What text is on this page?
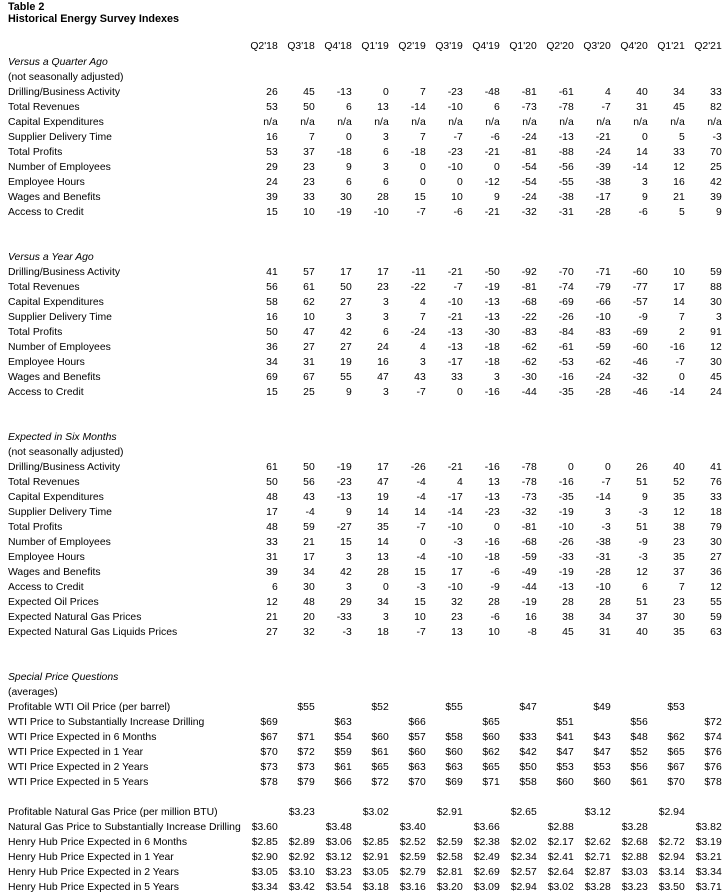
Table 2
Historical Energy Survey Indexes
	Q2'18	Q3'18	Q4'18	Q1'19	Q2'19	Q3'19	Q4'19	Q1'20	Q2'20	Q3'20	Q4'20	Q1'21	Q2'21
Versus a Quarter Ago													
(not seasonally adjusted)													
Drilling/Business Activity	26	45	-13	0	7	-23	-48	-81	-61	4	40	34	33
Total Revenues	53	50	6	13	-14	-10	6	-73	-78	-7	31	45	82
Capital Expenditures	n/a	n/a	n/a	n/a	n/a	n/a	n/a	n/a	n/a	n/a	n/a	n/a	n/a
Supplier Delivery Time	16	7	0	3	7	-7	-6	-24	-13	-21	0	5	-3
Total Profits	53	37	-18	6	-18	-23	-21	-81	-88	-24	14	33	70
Number of Employees	29	23	9	3	0	-10	0	-54	-56	-39	-14	12	25
Employee Hours	24	23	6	6	0	0	-12	-54	-55	-38	3	16	42
Wages and Benefits	39	33	30	28	15	10	9	-24	-38	-17	9	21	39
Access to Credit	15	10	-19	-10	-7	-6	-21	-32	-31	-28	-6	5	9

Versus a Year Ago													
Drilling/Business Activity	41	57	17	17	-11	-21	-50	-92	-70	-71	-60	10	59
Total Revenues	56	61	50	23	-22	-7	-19	-81	-74	-79	-77	17	88
Capital Expenditures	58	62	27	3	4	-10	-13	-68	-69	-66	-57	14	30
Supplier Delivery Time	16	10	3	3	7	-21	-13	-22	-26	-10	-9	7	3
Total Profits	50	47	42	6	-24	-13	-30	-83	-84	-83	-69	2	91
Number of Employees	36	27	27	24	4	-13	-18	-62	-61	-59	-60	-16	12
Employee Hours	34	31	19	16	3	-17	-18	-62	-53	-62	-46	-7	30
Wages and Benefits	69	67	55	47	43	33	3	-30	-16	-24	-32	0	45
Access to Credit	15	25	9	3	-7	0	-16	-44	-35	-28	-46	-14	24

Expected in Six Months													
(not seasonally adjusted)													
Drilling/Business Activity	61	50	-19	17	-26	-21	-16	-78	0	0	26	40	41
Total Revenues	50	56	-23	47	-4	4	13	-78	-16	-7	51	52	76
Capital Expenditures	48	43	-13	19	-4	-17	-13	-73	-35	-14	9	35	33
Supplier Delivery Time	17	-4	9	14	14	-14	-23	-32	-19	3	-3	12	18
Total Profits	48	59	-27	35	-7	-10	0	-81	-10	-3	51	38	79
Number of Employees	33	21	15	14	0	-3	-16	-68	-26	-38	-9	23	30
Employee Hours	31	17	3	13	-4	-10	-18	-59	-33	-31	-3	35	27
Wages and Benefits	39	34	42	28	15	17	-6	-49	-19	-28	12	37	36
Access to Credit	6	30	3	0	-3	-10	-9	-44	-13	-10	6	7	12
Expected Oil Prices	12	48	29	34	15	32	28	-19	28	28	51	23	55
Expected Natural Gas Prices	21	20	-33	3	10	23	-6	16	38	34	37	30	59
Expected Natural Gas Liquids Prices	27	32	-3	18	-7	13	10	-8	45	31	40	35	63

Special Price Questions													
(averages)													
Profitable WTI Oil Price (per barrel)		$55		$52		$55		$47		$49		$53	
WTI Price to Substantially Increase Drilling	$69		$63		$66		$65		$51		$56		$72
WTI Price Expected in 6 Months	$67	$71	$54	$60	$57	$58	$60	$33	$41	$43	$48	$62	$74
WTI Price Expected in 1 Year	$70	$72	$59	$61	$60	$60	$62	$42	$47	$47	$52	$65	$76
WTI Price Expected in 2 Years	$73	$73	$61	$65	$63	$63	$65	$50	$53	$53	$56	$67	$76
WTI Price Expected in 5 Years	$78	$79	$66	$72	$70	$69	$71	$58	$60	$60	$61	$70	$78

Profitable Natural Gas Price (per million BTU)		$3.23		$3.02		$2.91		$2.65		$3.12		$2.94	
Natural Gas Price to Substantially Increase Drilling	$3.60		$3.48		$3.40		$3.66		$2.88		$3.28		$3.82
Henry Hub Price Expected in 6 Months	$2.85	$2.89	$3.06	$2.85	$2.52	$2.59	$2.38	$2.02	$2.17	$2.62	$2.68	$2.72	$3.19
Henry Hub Price Expected in 1 Year	$2.90	$2.92	$3.12	$2.91	$2.59	$2.58	$2.49	$2.34	$2.41	$2.71	$2.88	$2.94	$3.21
Henry Hub Price Expected in 2 Years	$3.05	$3.10	$3.23	$3.05	$2.79	$2.81	$2.69	$2.57	$2.64	$2.87	$3.03	$3.14	$3.34
Henry Hub Price Expected in 5 Years	$3.34	$3.42	$3.54	$3.18	$3.16	$3.20	$3.09	$2.94	$3.02	$3.28	$3.23	$3.50	$3.71
